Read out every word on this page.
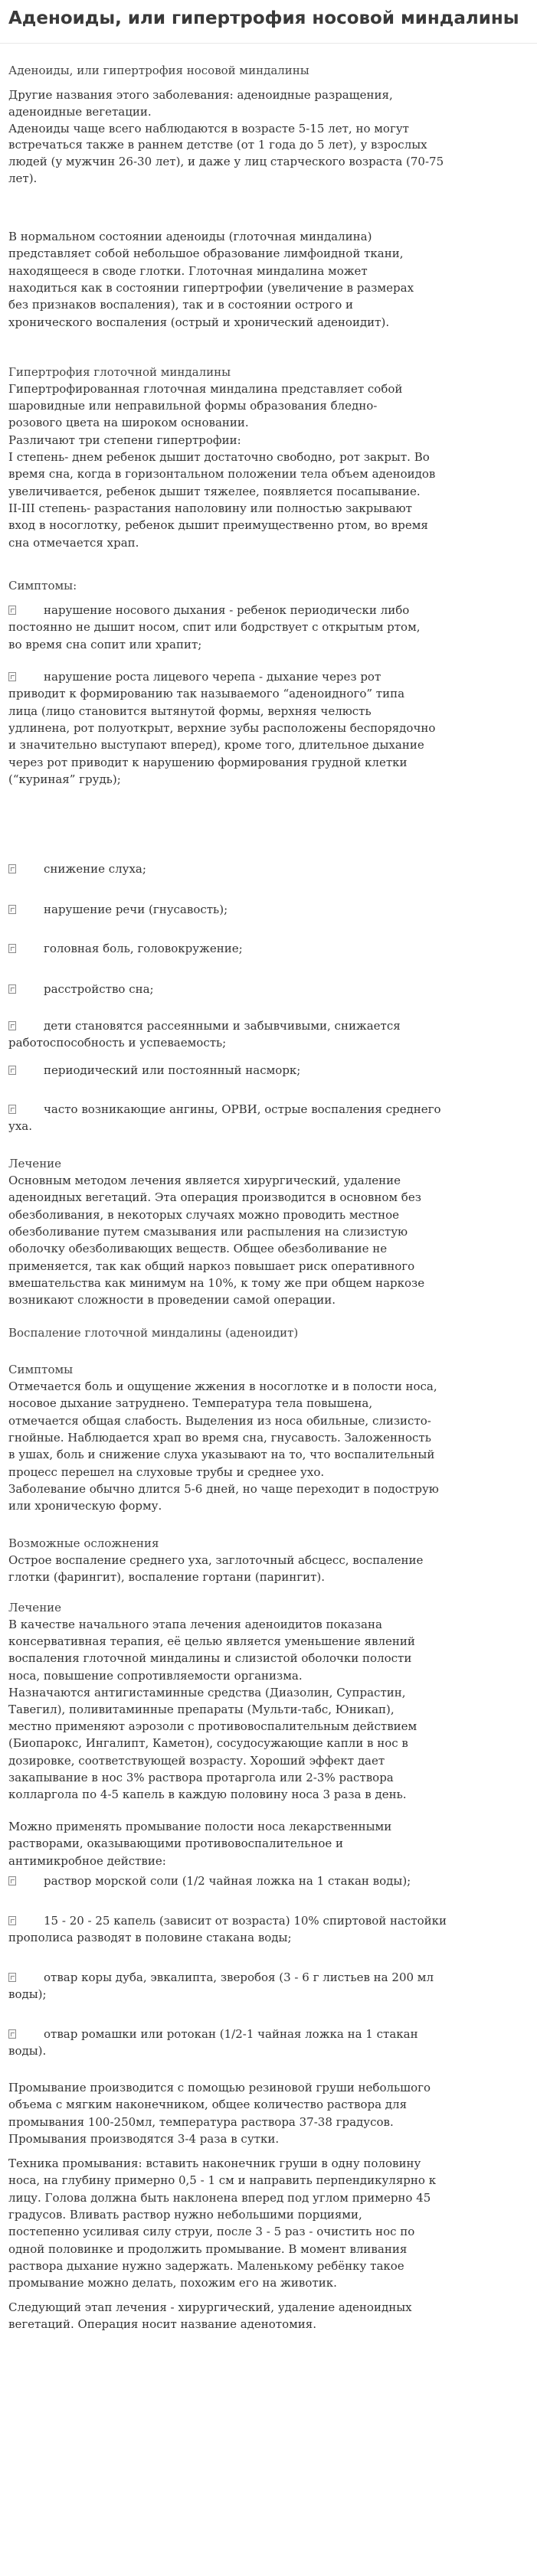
Аденоиды, или гипертрофия носовой миндалины
Аденоиды, или гипертрофия носовой миндалины
Другие названия этого заболевания: аденоидные разращения,
аденоидные вегетации.
Аденоиды чаще всего наблюдаются в возрасте 5-15 лет, но могут
встречаться также в раннем детстве (от 1 года до 5 лет), у взрослых
людей (у мужчин 26-30 лет), и даже у лиц старческого возраста (70-75
лет).
В нормальном состоянии аденоиды (глоточная миндалина)
представляет собой небольшое образование лимфоидной ткани,
находящееся в своде глотки. Глоточная миндалина может
находиться как в состоянии гипертрофии (увеличение в размерах
без признаков воспаления), так и в состоянии острого и
хронического воспаления (острый и хронический аденоидит).
Гипертрофия глоточной миндалины
Гипертрофированная глоточная миндалина представляет собой
шаровидные или неправильной формы образования бледно-
розового цвета на широком основании.
Различают три степени гипертрофии:
I степень- днем ребенок дышит достаточно свободно, рот закрыт. Во
время сна, когда в горизонтальном положении тела объем аденоидов
увеличивается, ребенок дышит тяжелее, появляется посапывание.
II-III степень- разрастания наполовину или полностью закрывают
вход в носоглотку, ребенок дышит преимущественно ртом, во время
сна отмечается храп.
Симптомы:
нарушение носового дыхания - ребенок периодически либо
постоянно не дышит носом, спит или бодрствует с открытым ртом,
во время сна сопит или храпит;
нарушение роста лицевого черепа - дыхание через рот
приводит к формированию так называемого “аденоидного” типа
лица (лицо становится вытянутой формы, верхняя челюсть
удлинена, рот полуоткрыт, верхние зубы расположены беспорядочно
и значительно выступают вперед), кроме того, длительное дыхание
через рот приводит к нарушению формирования грудной клетки
(“куриная” грудь);
снижение слуха;
нарушение речи (гнусавость);
головная боль, головокружение;
расстройство сна;
дети становятся рассеянными и забывчивыми, снижается
работоспособность и успеваемость;
периодический или постоянный насморк;
часто возникающие ангины, ОРВИ, острые воспаления среднего
уха.
Лечение
Основным методом лечения является хирургический, удаление
аденоидных вегетаций. Эта операция производится в основном без
обезболивания, в некоторых случаях можно проводить местное
обезболивание путем смазывания или распыления на слизистую
оболочку обезболивающих веществ. Общее обезболивание не
применяется, так как общий наркоз повышает риск оперативного
вмешательства как минимум на 10%, к тому же при общем наркозе
возникают сложности в проведении самой операции.
Воспаление глоточной миндалины (аденоидит)
Симптомы
Отмечается боль и ощущение жжения в носоглотке и в полости носа,
носовое дыхание затруднено. Температура тела повышена,
отмечается общая слабость. Выделения из носа обильные, слизисто-
гнойные. Наблюдается храп во время сна, гнусавость. Заложенность
в ушах, боль и снижение слуха указывают на то, что воспалительный
процесс перешел на слуховые трубы и среднее ухо.
Заболевание обычно длится 5-6 дней, но чаще переходит в подострую
или хроническую форму.
Возможные осложнения
Острое воспаление среднего уха, заглоточный абсцесс, воспаление
глотки (фарингит), воспаление гортани (парингит).
Лечение
В качестве начального этапа лечения аденоидитов показана
консервативная терапия, её целью является уменьшение явлений
воспаления глоточной миндалины и слизистой оболочки полости
носа, повышение сопротивляемости организма.
Назначаются антигистаминные средства (Диазолин, Супрастин,
Тавегил), поливитаминные препараты (Мульти-табс, Юникап),
местно применяют аэрозоли с противовоспалительным действием
(Биопарокс, Ингалипт, Каметон), сосудосужающие капли в нос в
дозировке, соответствующей возрасту. Хороший эффект дает
закапывание в нос 3% раствора протаргола или 2-3% раствора
колларгола по 4-5 капель в каждую половину носа 3 раза в день.
Можно применять промывание полости носа лекарственными
растворами, оказывающими противовоспалительное и
антимикробное действие:
раствор морской соли (1/2 чайная ложка на 1 стакан воды);
15 - 20 - 25 капель (зависит от возраста) 10% спиртовой настойки
прополиса разводят в половине стакана воды;
отвар коры дуба, эвкалипта, зверобоя (3 - 6 г листьев на 200 мл
воды);
отвар ромашки или ротокан (1/2-1 чайная ложка на 1 стакан
воды).
Промывание производится с помощью резиновой груши небольшого
объема с мягким наконечником, общее количество раствора для
промывания 100-250мл, температура раствора 37-38 градусов.
Промывания производятся 3-4 раза в сутки.
Техника промывания: вставить наконечник груши в одну половину
носа, на глубину примерно 0,5 - 1 см и направить перпендикулярно к
лицу. Голова должна быть наклонена вперед под углом примерно 45
градусов. Вливать раствор нужно небольшими порциями,
постепенно усиливая силу струи, после 3 - 5 раз - очистить нос по
одной половинке и продолжить промывание. В момент вливания
раствора дыхание нужно задержать. Маленькому ребёнку такое
промывание можно делать, похожим его на животик.
Следующий этап лечения - хирургический, удаление аденоидных
вегетаций. Операция носит название аденотомия.
